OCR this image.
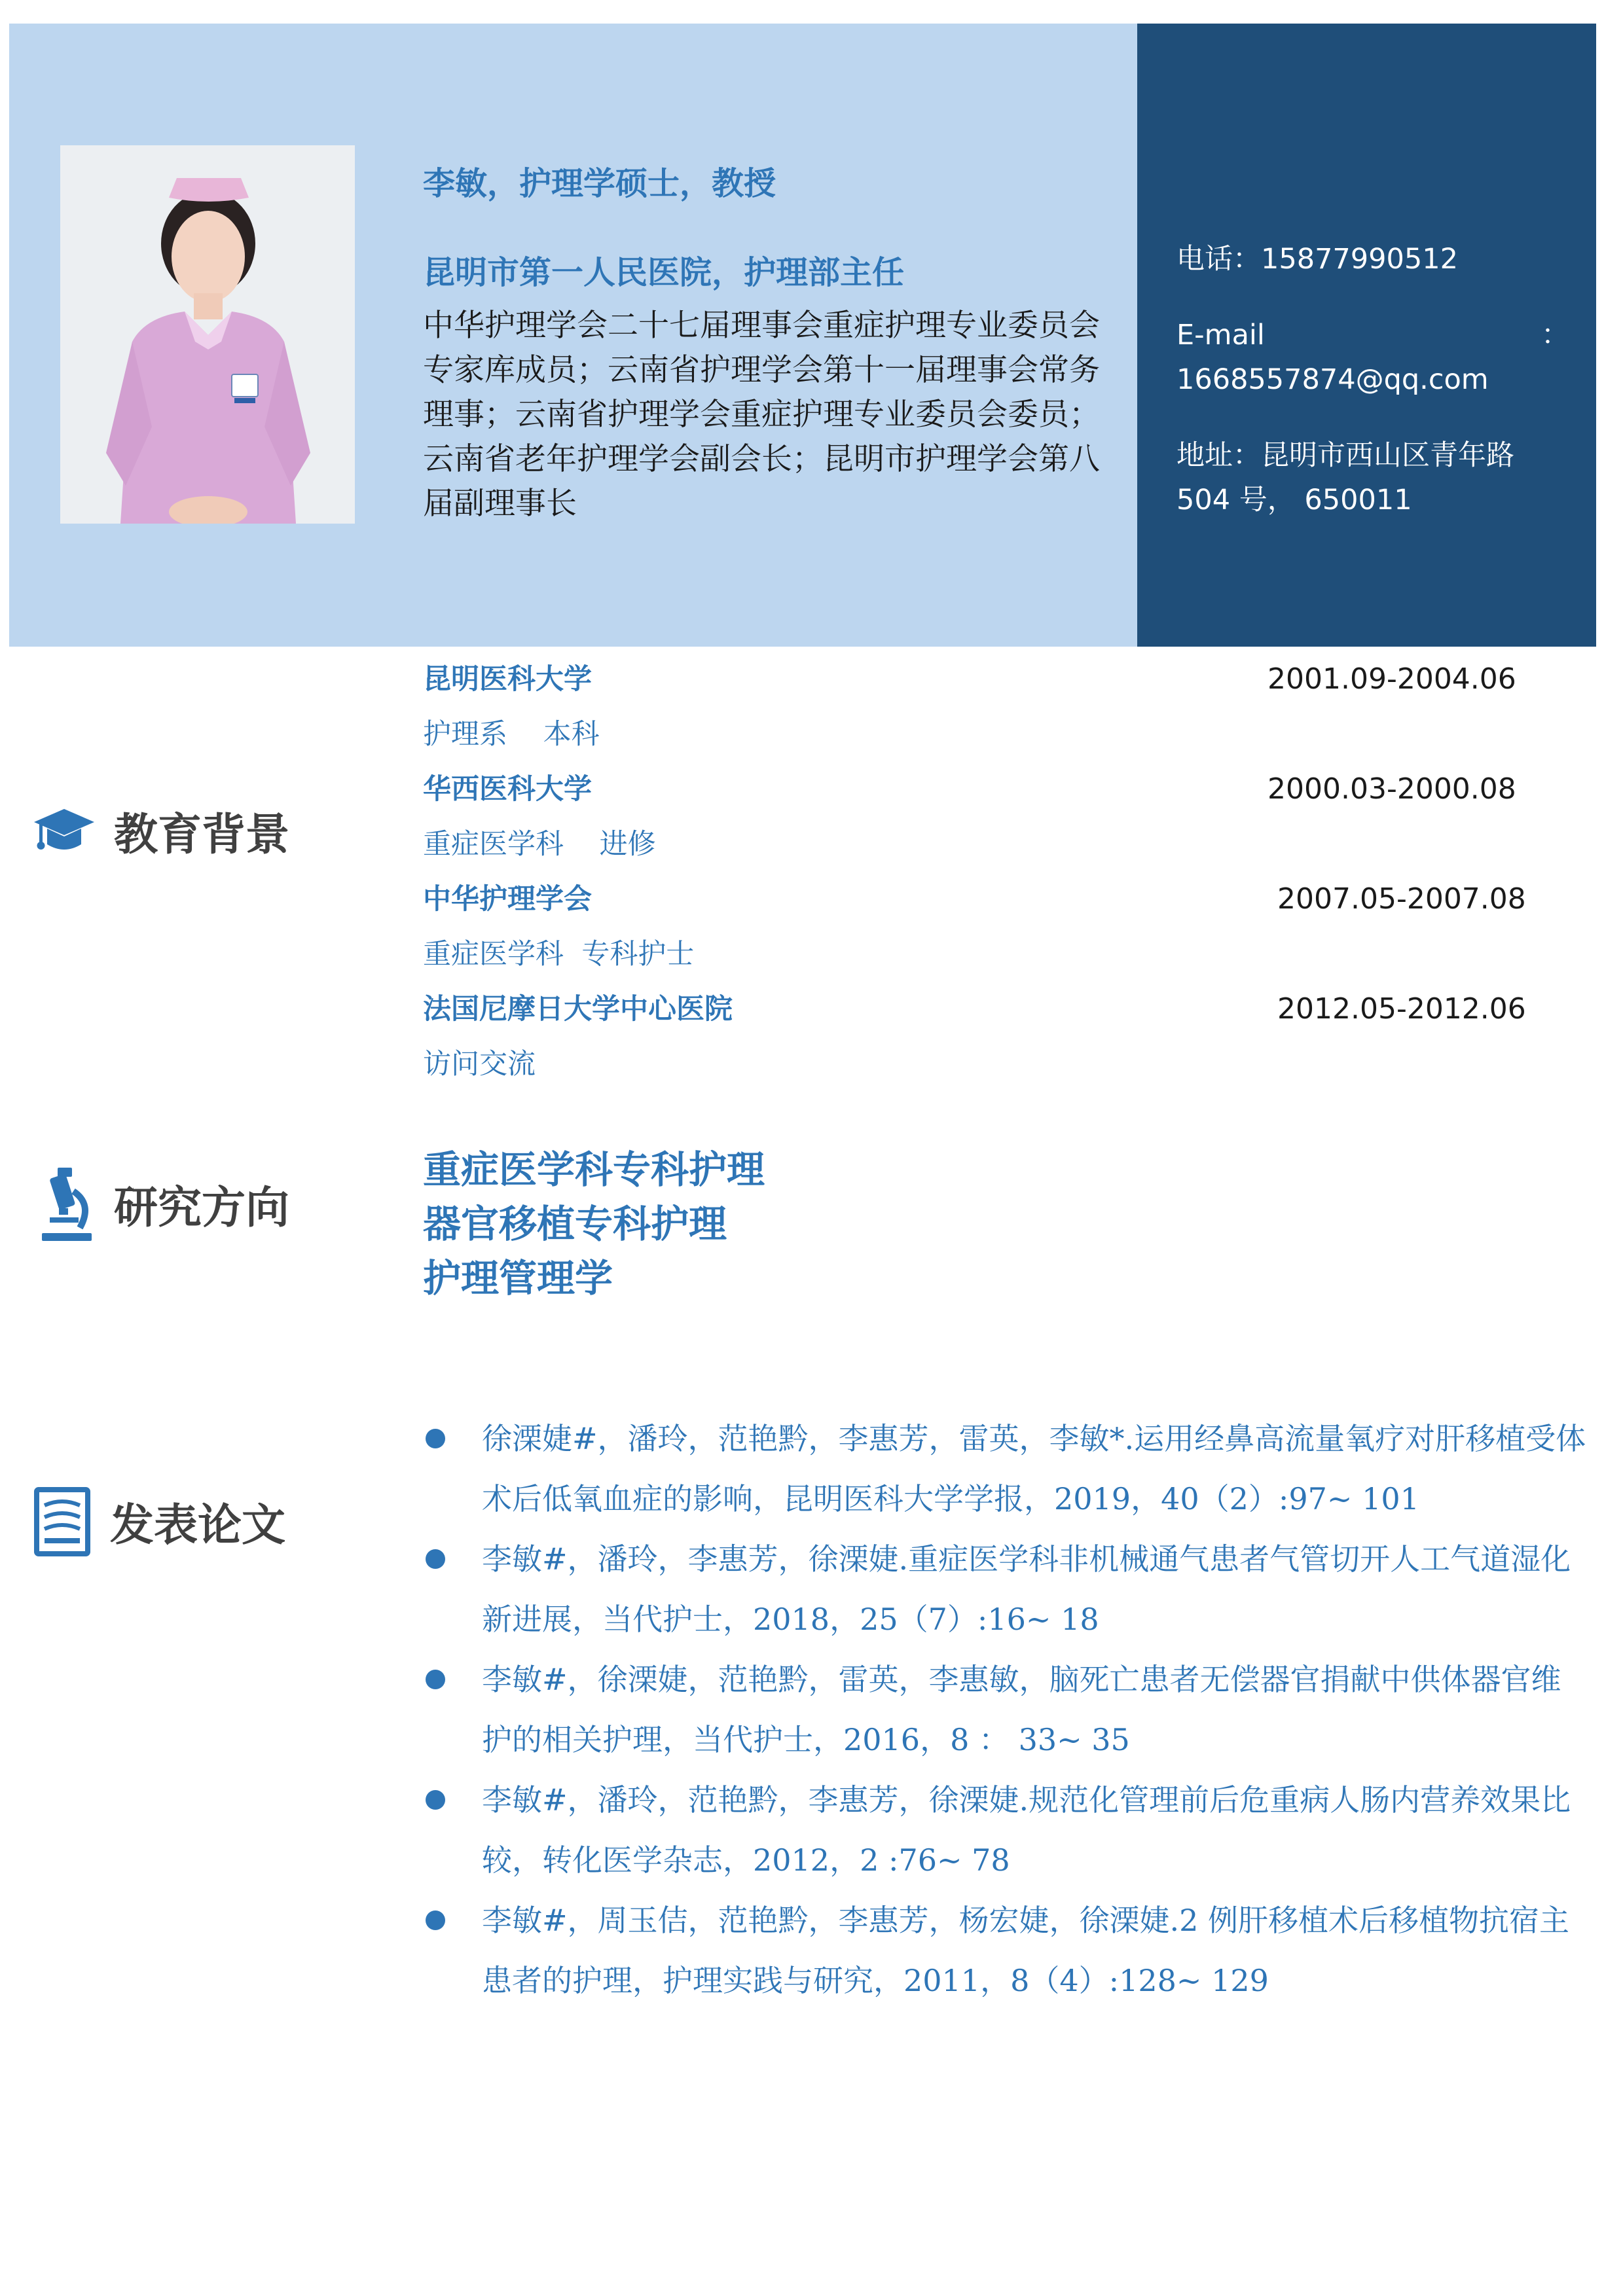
李敏，护理学硕士，教授
昆明市第一人民医院，护理部主任
中华护理学会二十七届理事会重症护理专业委员会专家库成员；云南省护理学会第十一届理事会常务理事；云南省护理学会重症护理专业委员会委员；云南省老年护理学会副会长；昆明市护理学会第八届副理事长
电话：15877990512
E-mail	：
1668557874@qq.com
地址：昆明市西山区青年路
504 号， 650011
教育背景
昆明医科大学	2001.09-2004.06
护理系    本科
华西医科大学	2000.03-2000.08
重症医学科    进修
中华护理学会	2007.05-2007.08
重症医学科  专科护士
法国尼摩日大学中心医院	2012.05-2012.06
访问交流
研究方向
重症医学科专科护理
器官移植专科护理
护理管理学
发表论文
徐溧婕#，潘玲，范艳黔，李惠芳，雷英，李敏*.运用经鼻高流量氧疗对肝移植受体术后低氧血症的影响，昆明医科大学学报，2019，40（2）:97~ 101
李敏#，潘玲，李惠芳，徐溧婕.重症医学科非机械通气患者气管切开人工气道湿化新进展，当代护士，2018，25（7）:16~ 18
李敏#，徐溧婕，范艳黔，雷英，李惠敏，脑死亡患者无偿器官捐献中供体器官维护的相关护理，当代护士，2016，8 ： 33~ 35
李敏#，潘玲，范艳黔，李惠芳，徐溧婕.规范化管理前后危重病人肠内营养效果比较，转化医学杂志，2012，2 :76~ 78
李敏#，周玉佶，范艳黔，李惠芳，杨宏婕，徐溧婕.2 例肝移植术后移植物抗宿主患者的护理，护理实践与研究，2011，8（4）:128~ 129
